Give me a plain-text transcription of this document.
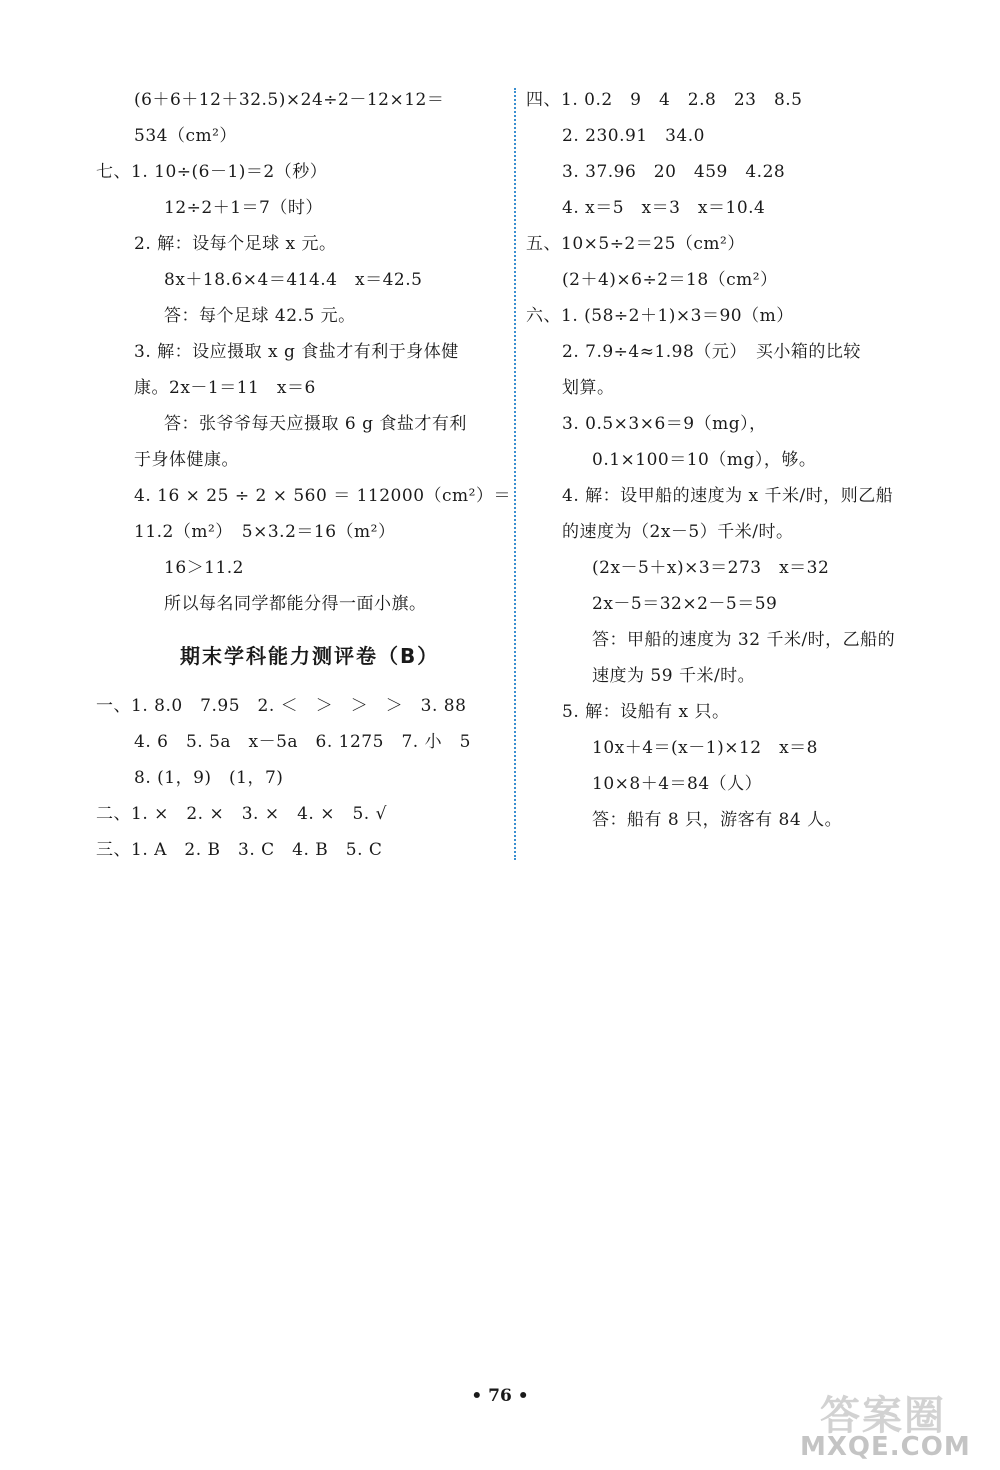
(6＋6＋12＋32.5)×24÷2－12×12＝
534（cm²）
七、1. 10÷(6－1)＝2（秒）
12÷2＋1＝7（时）
2. 解：设每个足球 x 元。
8x＋18.6×4＝414.4　x＝42.5
答：每个足球 42.5 元。
3. 解：设应摄取 x g 食盐才有利于身体健
康。2x－1＝11　x＝6
答：张爷爷每天应摄取 6 g 食盐才有利
于身体健康。
4. 16 × 25 ÷ 2 × 560 ＝ 112000（cm²）＝
11.2（m²）　5×3.2＝16（m²）
16＞11.2
所以每名同学都能分得一面小旗。
期末学科能力测评卷（B）
一、1. 8.0　7.95　2. ＜　＞　＞　＞　3. 88
4. 6　5. 5a　x－5a　6. 1275　7. 小　5
8. (1，9)　(1，7)
二、1. ×　2. ×　3. ×　4. ×　5. √
三、1. A　2. B　3. C　4. B　5. C
四、1. 0.2　9　4　2.8　23　8.5
2. 230.91　34.0
3. 37.96　20　459　4.28
4. x＝5　x＝3　x＝10.4
五、10×5÷2＝25（cm²）
(2＋4)×6÷2＝18（cm²）
六、1. (58÷2＋1)×3＝90（m）
2. 7.9÷4≈1.98（元）　买小箱的比较
划算。
3. 0.5×3×6＝9（mg），
0.1×100＝10（mg），够。
4. 解：设甲船的速度为 x 千米/时，则乙船
的速度为（2x－5）千米/时。
(2x－5＋x)×3＝273　x＝32
2x－5＝32×2－5＝59
答：甲船的速度为 32 千米/时，乙船的
速度为 59 千米/时。
5. 解：设船有 x 只。
10x＋4＝(x－1)×12　x＝8
10×8＋4＝84（人）
答：船有 8 只，游客有 84 人。
• 76 •	答案圈
MXQE.COM
